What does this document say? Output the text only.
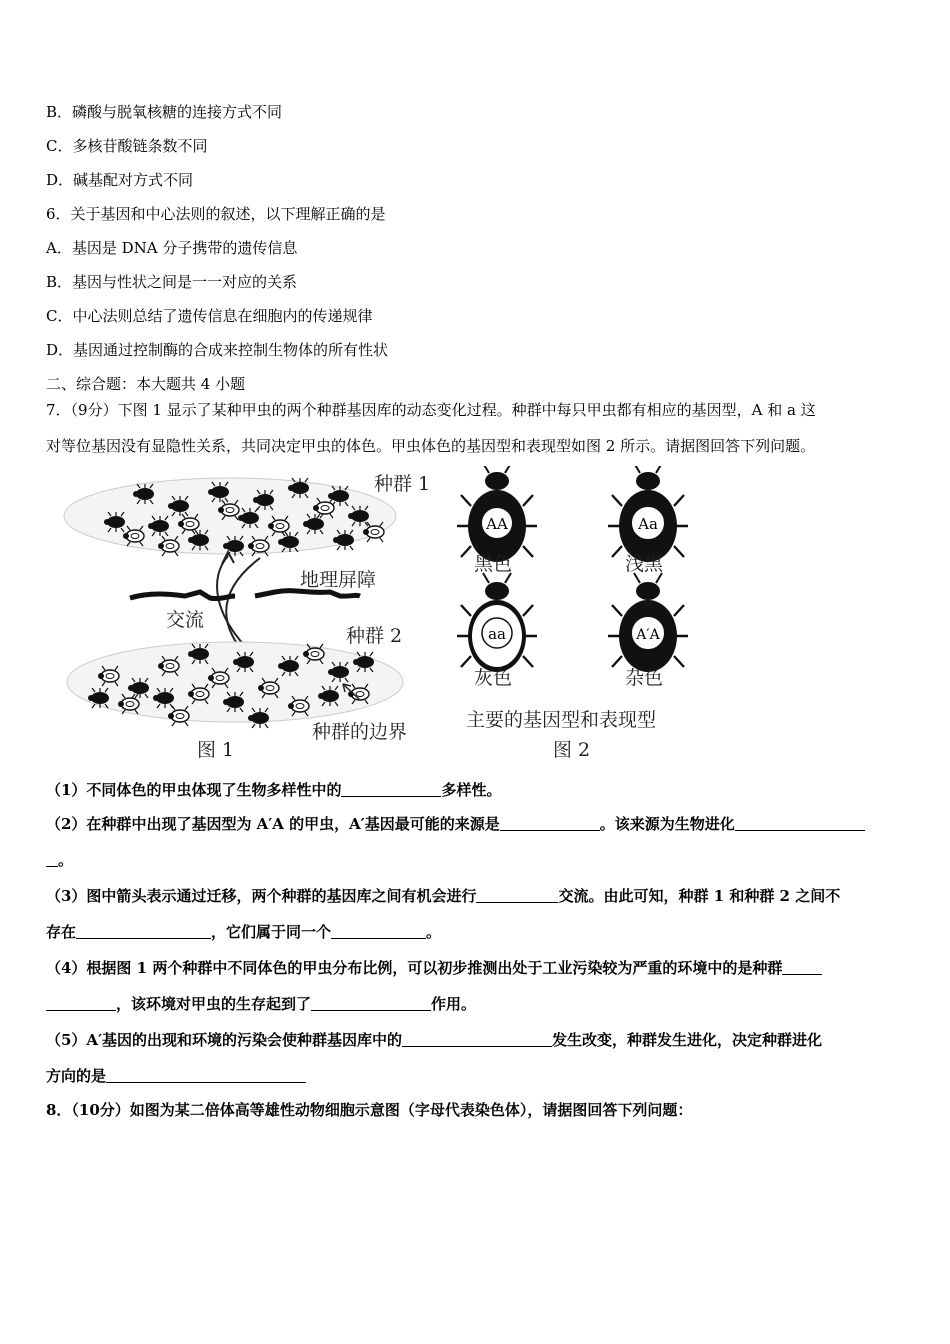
B．磷酸与脱氧核糖的连接方式不同
C．多核苷酸链条数不同
D．碱基配对方式不同
6．关于基因和中心法则的叙述，以下理解正确的是
A．基因是 DNA 分子携带的遗传信息
B．基因与性状之间是一一对应的关系
C．中心法则总结了遗传信息在细胞内的传递规律
D．基因通过控制酶的合成来控制生物体的所有性状
二、综合题：本大题共 4 小题
7．（9分）下图 1 显示了某种甲虫的两个种群基因库的动态变化过程。种群中每只甲虫都有相应的基因型，A 和 a 这
对等位基因没有显隐性关系，共同决定甲虫的体色。甲虫体色的基因型和表现型如图 2 所示。请据图回答下列问题。
种群 1
地理屏障
交流
种群 2
种群的边界
图 1
AA
黑色
Aa
浅黑
aa
灰色
A′A
杂色
主要的基因型和表现型
图 2
（1）不同体色的甲虫体现了生物多样性中的	多样性。
（2）在种群中出现了基因型为 A′A 的甲虫，A′基因最可能的来源是	。该来源为生物进化
。
（3）图中箭头表示通过迁移，两个种群的基因库之间有机会进行	交流。由此可知，种群 1 和种群 2 之间不
存在	，它们属于同一个	。
（4）根据图 1 两个种群中不同体色的甲虫分布比例，可以初步推测出处于工业污染较为严重的环境中的是种群
，该环境对甲虫的生存起到了	作用。
（5）A′基因的出现和环境的污染会使种群基因库中的	发生改变，种群发生进化，决定种群进化
方向的是
8．（10分）如图为某二倍体高等雄性动物细胞示意图（字母代表染色体），请据图回答下列问题：
